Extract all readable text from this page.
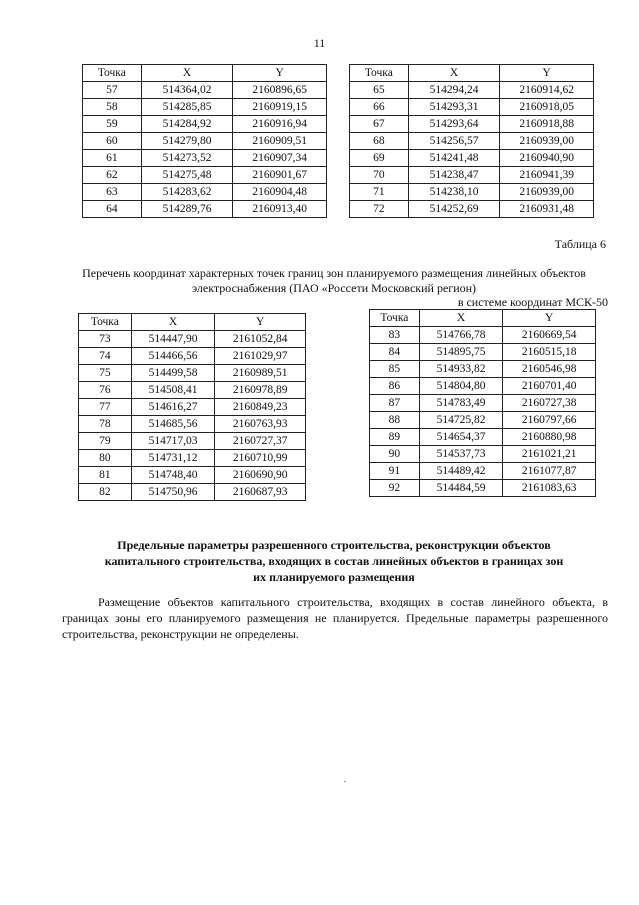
11
Точка	X	Y
57	514364,02	2160896,65
58	514285,85	2160919,15
59	514284,92	2160916,94
60	514279,80	2160909,51
61	514273,52	2160907,34
62	514275,48	2160901,67
63	514283,62	2160904,48
64	514289,76	2160913,40
Точка	X	Y
65	514294,24	2160914,62
66	514293,31	2160918,05
67	514293,64	2160918,88
68	514256,57	2160939,00
69	514241,48	2160940,90
70	514238,47	2160941,39
71	514238,10	2160939,00
72	514252,69	2160931,48
Таблица 6
Перечень координат характерных точек границ зон планируемого размещения линейных объектов
электроснабжения (ПАО «Россети Московский регион)
в системе координат МСК-50
Точка	X	Y
73	514447,90	2161052,84
74	514466,56	2161029,97
75	514499,58	2160989,51
76	514508,41	2160978,89
77	514616,27	2160849,23
78	514685,56	2160763,93
79	514717,03	2160727,37
80	514731,12	2160710,99
81	514748,40	2160690,90
82	514750,96	2160687,93
Точка	X	Y
83	514766,78	2160669,54
84	514895,75	2160515,18
85	514933,82	2160546,98
86	514804,80	2160701,40
87	514783,49	2160727,38
88	514725,82	2160797,66
89	514654,37	2160880,98
90	514537,73	2161021,21
91	514489,42	2161077,87
92	514484,59	2161083,63
Предельные параметры разрешенного строительства, реконструкции объектов
капитального строительства, входящих в состав линейных объектов в границах зон
их планируемого размещения
Размещение объектов капитального строительства, входящих в состав линейного объекта, в границах зоны его планируемого размещения не планируется. Предельные параметры разрешенного строительства, реконструкции не определены.
